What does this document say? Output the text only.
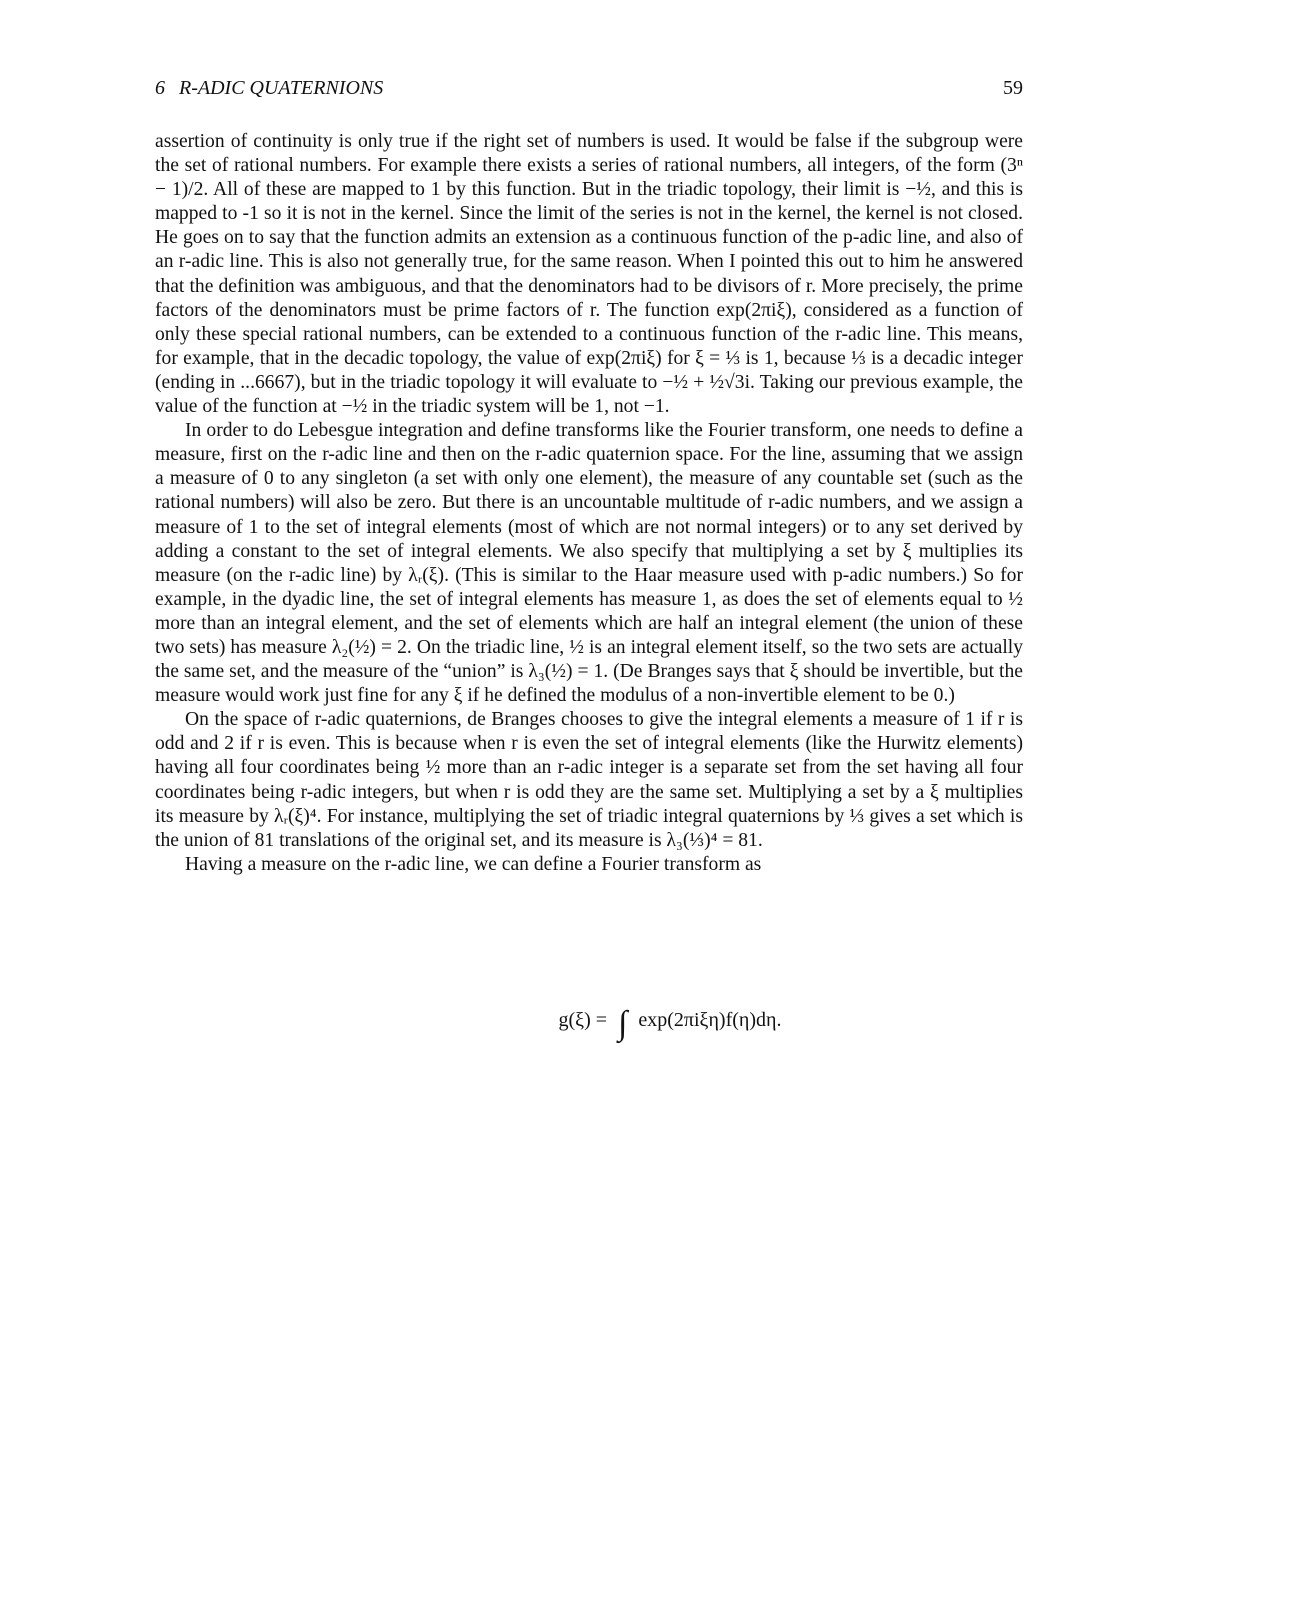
6 R-ADIC QUATERNIONS	59

assertion of continuity is only true if the right set of numbers is used. It would be false if the subgroup were the set of rational numbers. For example there exists a series of rational numbers, all integers, of the form (3ⁿ − 1)/2. All of these are mapped to 1 by this function. But in the triadic topology, their limit is −½, and this is mapped to -1 so it is not in the kernel. Since the limit of the series is not in the kernel, the kernel is not closed. He goes on to say that the function admits an extension as a continuous function of the p-adic line, and also of an r-adic line. This is also not generally true, for the same reason. When I pointed this out to him he answered that the definition was ambiguous, and that the denominators had to be divisors of r. More precisely, the prime factors of the denominators must be prime factors of r. The function exp(2πiξ), considered as a function of only these special rational numbers, can be extended to a continuous function of the r-adic line. This means, for example, that in the decadic topology, the value of exp(2πiξ) for ξ = ⅓ is 1, because ⅓ is a decadic integer (ending in ...6667), but in the triadic topology it will evaluate to −½ + ½√3i. Taking our previous example, the value of the function at −½ in the triadic system will be 1, not −1.

In order to do Lebesgue integration and define transforms like the Fourier transform, one needs to define a measure, first on the r-adic line and then on the r-adic quaternion space. For the line, assuming that we assign a measure of 0 to any singleton (a set with only one element), the measure of any countable set (such as the rational numbers) will also be zero. But there is an uncountable multitude of r-adic numbers, and we assign a measure of 1 to the set of integral elements (most of which are not normal integers) or to any set derived by adding a constant to the set of integral elements. We also specify that multiplying a set by ξ multiplies its measure (on the r-adic line) by λᵣ(ξ). (This is similar to the Haar measure used with p-adic numbers.) So for example, in the dyadic line, the set of integral elements has measure 1, as does the set of elements equal to ½ more than an integral element, and the set of elements which are half an integral element (the union of these two sets) has measure λ₂(½) = 2. On the triadic line, ½ is an integral element itself, so the two sets are actually the same set, and the measure of the “union” is λ₃(½) = 1. (De Branges says that ξ should be invertible, but the measure would work just fine for any ξ if he defined the modulus of a non-invertible element to be 0.)

On the space of r-adic quaternions, de Branges chooses to give the integral elements a measure of 1 if r is odd and 2 if r is even. This is because when r is even the set of integral elements (like the Hurwitz elements) having all four coordinates being ½ more than an r-adic integer is a separate set from the set having all four coordinates being r-adic integers, but when r is odd they are the same set. Multiplying a set by a ξ multiplies its measure by λᵣ(ξ)⁴. For instance, multiplying the set of triadic integral quaternions by ⅓ gives a set which is the union of 81 translations of the original set, and its measure is λ₃(⅓)⁴ = 81.

Having a measure on the r-adic line, we can define a Fourier transform as

g(ξ) = ∫ exp(2πiξη)f(η)dη.
